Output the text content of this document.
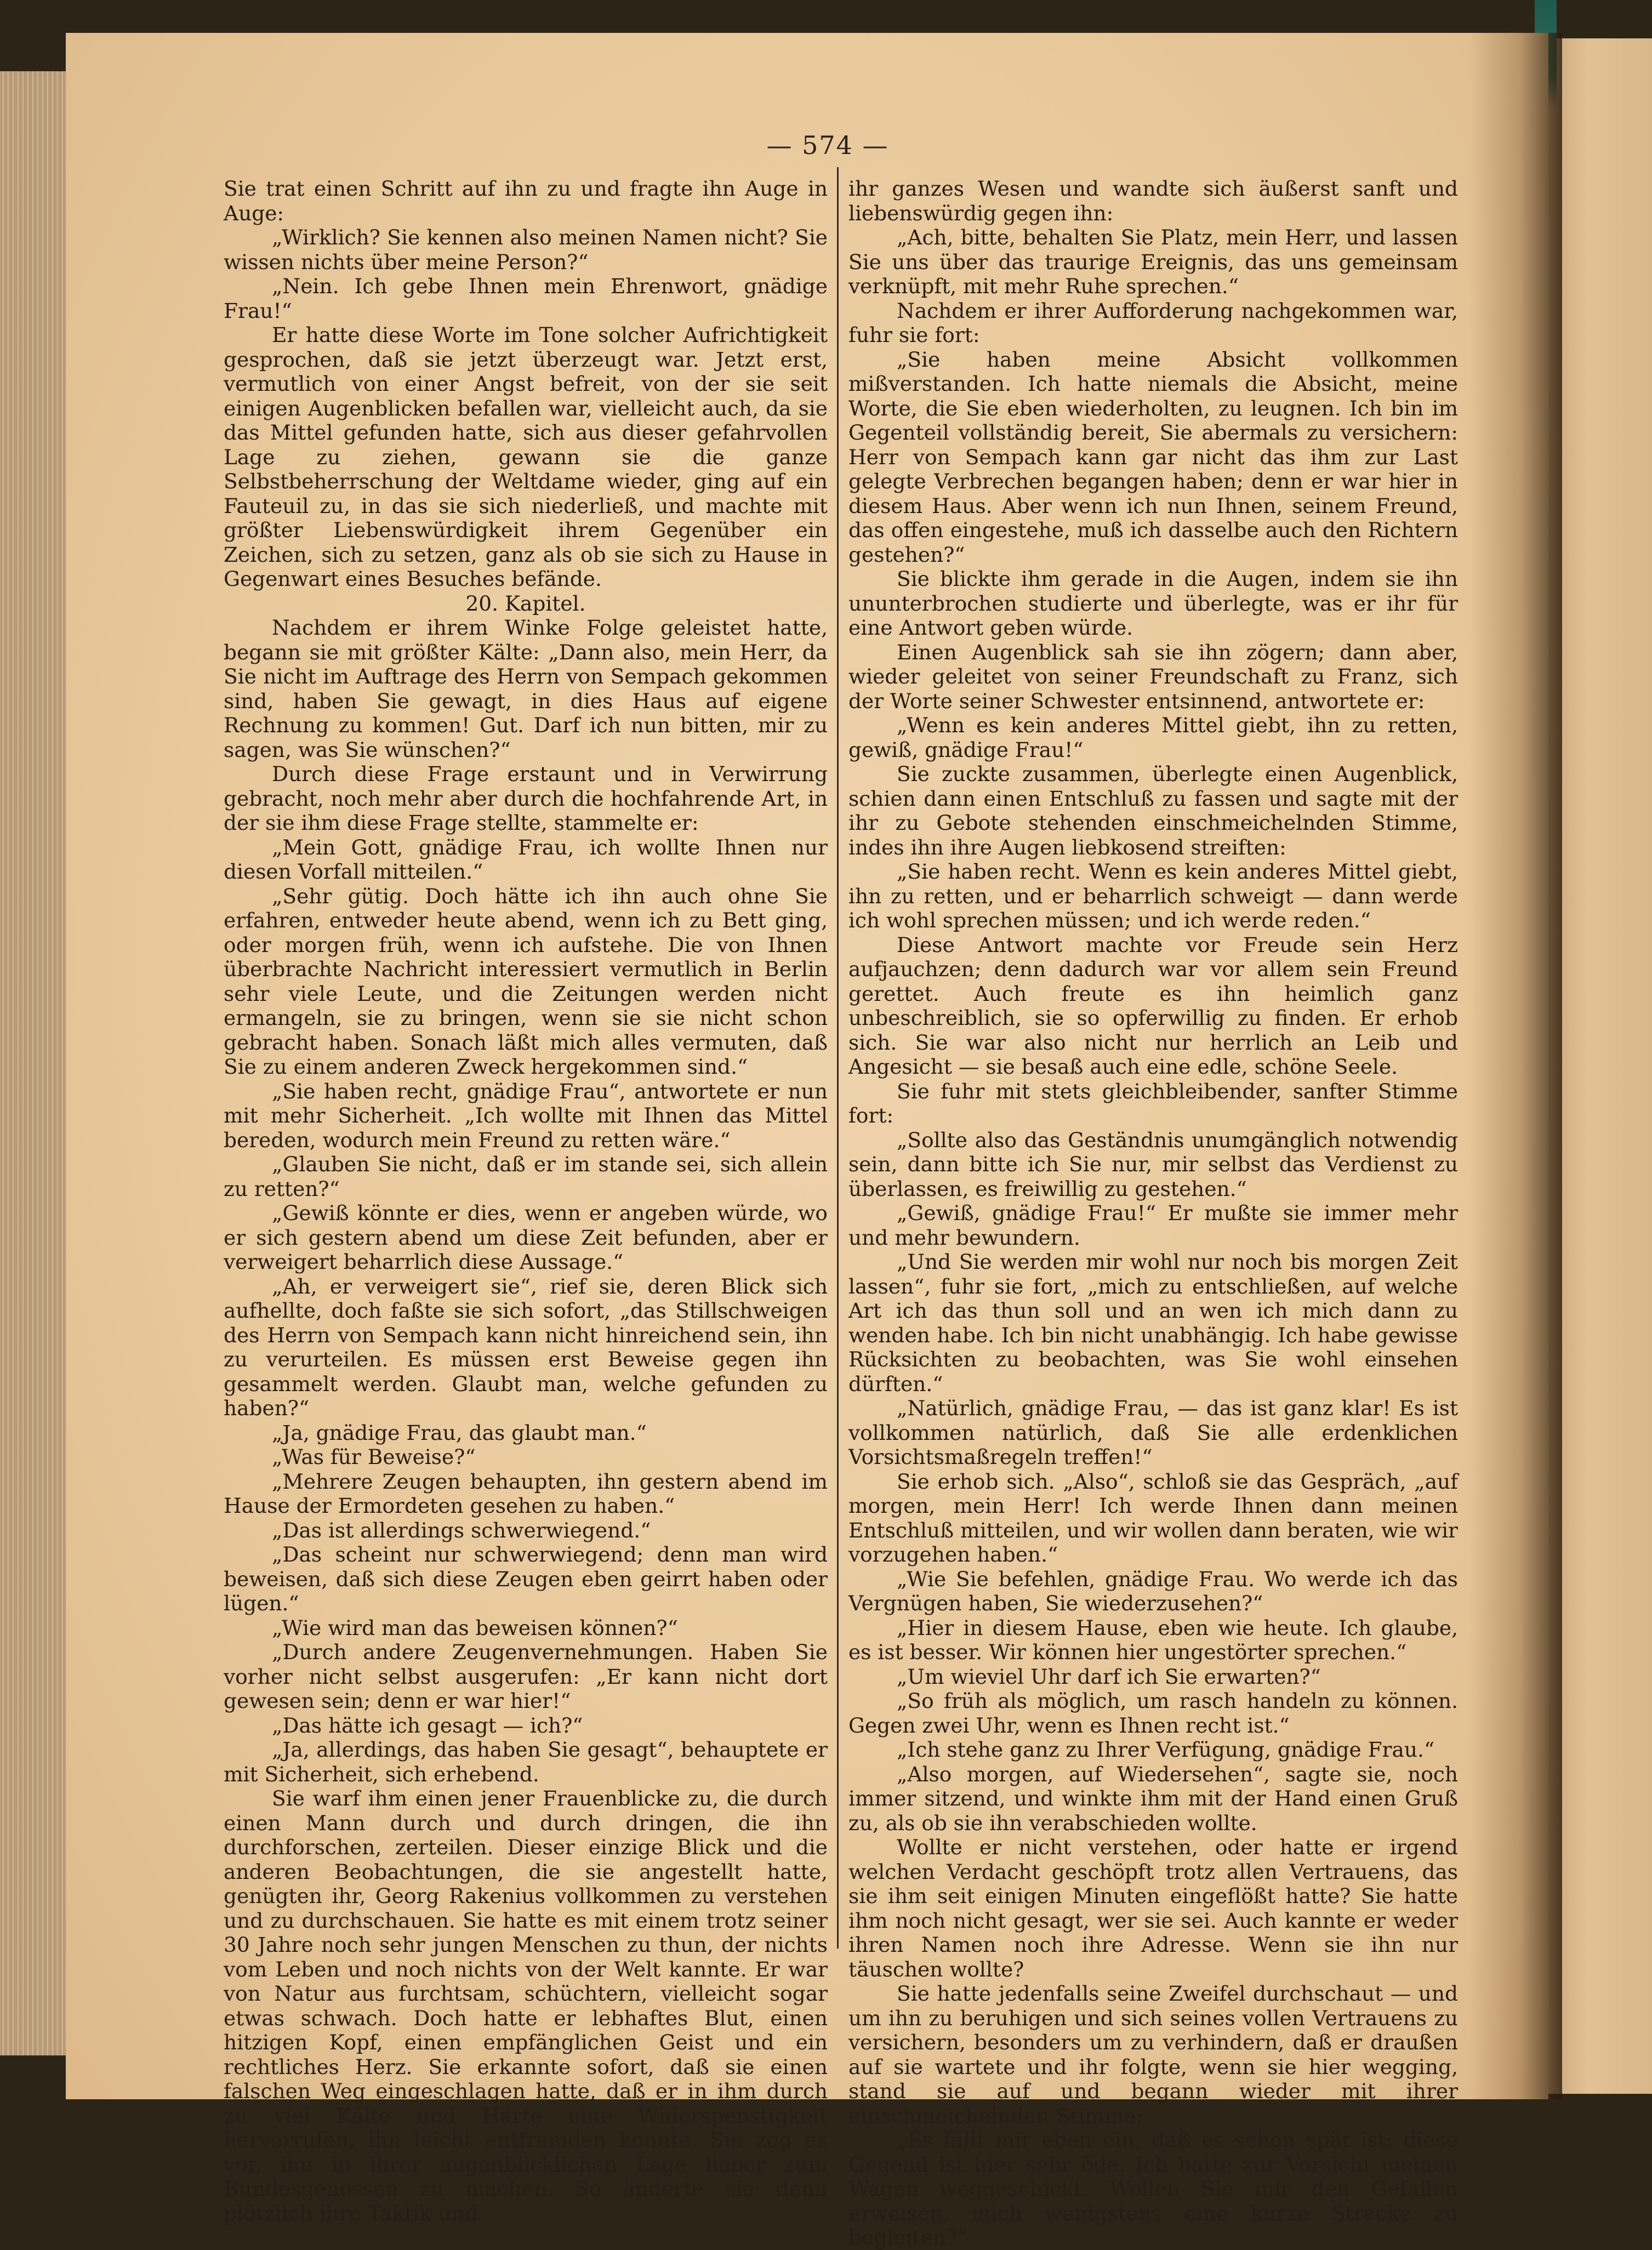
— 574 —

Sie trat einen Schritt auf ihn zu und fragte ihn Auge in Auge:

„Wirklich? Sie kennen also meinen Namen nicht? Sie wissen nichts über meine Person?“

„Nein. Ich gebe Ihnen mein Ehrenwort, gnädige Frau!“

Er hatte diese Worte im Tone solcher Aufrichtigkeit gesprochen, daß sie jetzt überzeugt war. Jetzt erst, vermutlich von einer Angst befreit, von der sie seit einigen Augenblicken befallen war, vielleicht auch, da sie das Mittel gefunden hatte, sich aus dieser gefahrvollen Lage zu ziehen, gewann sie die ganze Selbstbeherrschung der Weltdame wieder, ging auf ein Fauteuil zu, in das sie sich niederließ, und machte mit größter Liebenswürdigkeit ihrem Gegenüber ein Zeichen, sich zu setzen, ganz als ob sie sich zu Hause in Gegenwart eines Besuches befände.

20. Kapitel.

Nachdem er ihrem Winke Folge geleistet hatte, begann sie mit größter Kälte: „Dann also, mein Herr, da Sie nicht im Auftrage des Herrn von Sempach gekommen sind, haben Sie gewagt, in dies Haus auf eigene Rechnung zu kommen! Gut. Darf ich nun bitten, mir zu sagen, was Sie wünschen?“

Durch diese Frage erstaunt und in Verwirrung gebracht, noch mehr aber durch die hochfahrende Art, in der sie ihm diese Frage stellte, stammelte er:

„Mein Gott, gnädige Frau, ich wollte Ihnen nur diesen Vorfall mitteilen.“

„Sehr gütig. Doch hätte ich ihn auch ohne Sie erfahren, entweder heute abend, wenn ich zu Bett ging, oder morgen früh, wenn ich aufstehe. Die von Ihnen überbrachte Nachricht interessiert vermutlich in Berlin sehr viele Leute, und die Zeitungen werden nicht ermangeln, sie zu bringen, wenn sie sie nicht schon gebracht haben. Sonach läßt mich alles vermuten, daß Sie zu einem anderen Zweck hergekommen sind.“

„Sie haben recht, gnädige Frau“, antwortete er nun mit mehr Sicherheit. „Ich wollte mit Ihnen das Mittel bereden, wodurch mein Freund zu retten wäre.“

„Glauben Sie nicht, daß er im stande sei, sich allein zu retten?“

„Gewiß könnte er dies, wenn er angeben würde, wo er sich gestern abend um diese Zeit befunden, aber er verweigert beharrlich diese Aussage.“

„Ah, er verweigert sie“, rief sie, deren Blick sich aufhellte, doch faßte sie sich sofort, „das Stillschweigen des Herrn von Sempach kann nicht hinreichend sein, ihn zu verurteilen. Es müssen erst Beweise gegen ihn gesammelt werden. Glaubt man, welche gefunden zu haben?“

„Ja, gnädige Frau, das glaubt man.“

„Was für Beweise?“

„Mehrere Zeugen behaupten, ihn gestern abend im Hause der Ermordeten gesehen zu haben.“

„Das ist allerdings schwerwiegend.“

„Das scheint nur schwerwiegend; denn man wird beweisen, daß sich diese Zeugen eben geirrt haben oder lügen.“

„Wie wird man das beweisen können?“

„Durch andere Zeugenvernehmungen. Haben Sie vorher nicht selbst ausgerufen: „Er kann nicht dort gewesen sein; denn er war hier!“

„Das hätte ich gesagt — ich?“

„Ja, allerdings, das haben Sie gesagt“, behauptete er mit Sicherheit, sich erhebend.

Sie warf ihm einen jener Frauenblicke zu, die durch einen Mann durch und durch dringen, die ihn durchforschen, zerteilen. Dieser einzige Blick und die anderen Beobachtungen, die sie angestellt hatte, genügten ihr, Georg Rakenius vollkommen zu verstehen und zu durchschauen. Sie hatte es mit einem trotz seiner 30 Jahre noch sehr jungen Menschen zu thun, der nichts vom Leben und noch nichts von der Welt kannte. Er war von Natur aus furchtsam, schüchtern, vielleicht sogar etwas schwach. Doch hatte er lebhaftes Blut, einen hitzigen Kopf, einen empfänglichen Geist und ein rechtliches Herz. Sie erkannte sofort, daß sie einen falschen Weg eingeschlagen hatte, daß er in ihm durch zu viel Kälte und Härte eine Widerspenstigkeit hervorrufen, ihn leicht entfremden konnte. Sie zog es vor, ihn in ihrer augenblicklichen Lage lieber zum Bundesgenossen zu machen. So änderte sie denn plötzlich ihre Taktik und

ihr ganzes Wesen und wandte sich äußerst sanft und liebenswürdig gegen ihn:

„Ach, bitte, behalten Sie Platz, mein Herr, und lassen Sie uns über das traurige Ereignis, das uns gemeinsam verknüpft, mit mehr Ruhe sprechen.“

Nachdem er ihrer Aufforderung nachgekommen war, fuhr sie fort:

„Sie haben meine Absicht vollkommen mißverstanden. Ich hatte niemals die Absicht, meine Worte, die Sie eben wiederholten, zu leugnen. Ich bin im Gegenteil vollständig bereit, Sie abermals zu versichern: Herr von Sempach kann gar nicht das ihm zur Last gelegte Verbrechen begangen haben; denn er war hier in diesem Haus. Aber wenn ich nun Ihnen, seinem Freund, das offen eingestehe, muß ich dasselbe auch den Richtern gestehen?“

Sie blickte ihm gerade in die Augen, indem sie ihn ununterbrochen studierte und überlegte, was er ihr für eine Antwort geben würde.

Einen Augenblick sah sie ihn zögern; dann aber, wieder geleitet von seiner Freundschaft zu Franz, sich der Worte seiner Schwester entsinnend, antwortete er:

„Wenn es kein anderes Mittel giebt, ihn zu retten, gewiß, gnädige Frau!“

Sie zuckte zusammen, überlegte einen Augenblick, schien dann einen Entschluß zu fassen und sagte mit der ihr zu Gebote stehenden einschmeichelnden Stimme, indes ihn ihre Augen liebkosend streiften:

„Sie haben recht. Wenn es kein anderes Mittel giebt, ihn zu retten, und er beharrlich schweigt — dann werde ich wohl sprechen müssen; und ich werde reden.“

Diese Antwort machte vor Freude sein Herz aufjauchzen; denn dadurch war vor allem sein Freund gerettet. Auch freute es ihn heimlich ganz unbeschreiblich, sie so opferwillig zu finden. Er erhob sich. Sie war also nicht nur herrlich an Leib und Angesicht — sie besaß auch eine edle, schöne Seele.

Sie fuhr mit stets gleichbleibender, sanfter Stimme fort:

„Sollte also das Geständnis unumgänglich notwendig sein, dann bitte ich Sie nur, mir selbst das Verdienst zu überlassen, es freiwillig zu gestehen.“

„Gewiß, gnädige Frau!“ Er mußte sie immer mehr und mehr bewundern.

„Und Sie werden mir wohl nur noch bis morgen Zeit lassen“, fuhr sie fort, „mich zu entschließen, auf welche Art ich das thun soll und an wen ich mich dann zu wenden habe. Ich bin nicht unabhängig. Ich habe gewisse Rücksichten zu beobachten, was Sie wohl einsehen dürften.“

„Natürlich, gnädige Frau, — das ist ganz klar! Es ist vollkommen natürlich, daß Sie alle erdenklichen Vorsichtsmaßregeln treffen!“

Sie erhob sich. „Also“, schloß sie das Gespräch, „auf morgen, mein Herr! Ich werde Ihnen dann meinen Entschluß mitteilen, und wir wollen dann beraten, wie wir vorzugehen haben.“

„Wie Sie befehlen, gnädige Frau. Wo werde ich das Vergnügen haben, Sie wiederzusehen?“

„Hier in diesem Hause, eben wie heute. Ich glaube, es ist besser. Wir können hier ungestörter sprechen.“

„Um wieviel Uhr darf ich Sie erwarten?“

„So früh als möglich, um rasch handeln zu können. Gegen zwei Uhr, wenn es Ihnen recht ist.“

„Ich stehe ganz zu Ihrer Verfügung, gnädige Frau.“

„Also morgen, auf Wiedersehen“, sagte sie, noch immer sitzend, und winkte ihm mit der Hand einen Gruß zu, als ob sie ihn verabschieden wollte.

Wollte er nicht verstehen, oder hatte er irgend welchen Verdacht geschöpft trotz allen Vertrauens, das sie ihm seit einigen Minuten eingeflößt hatte? Sie hatte ihm noch nicht gesagt, wer sie sei. Auch kannte er weder ihren Namen noch ihre Adresse. Wenn sie ihn nur täuschen wollte?

Sie hatte jedenfalls seine Zweifel durchschaut — und um ihn zu beruhigen und sich seines vollen Vertrauens zu versichern, besonders um zu verhindern, daß er draußen auf sie wartete und ihr folgte, wenn sie hier wegging, stand sie auf und begann wieder mit ihrer einschmeichelnden Stimme:

„Es fällt mir eben ein, daß es schon spät ist; diese Gegend ist hier sehr öde. Ich hatte zur Vorsicht meinen Wagen weggeschickt. Wollen Sie mir den Gefallen erweisen, mich wenigstens eine kurze Strecke zu begleiten?“
